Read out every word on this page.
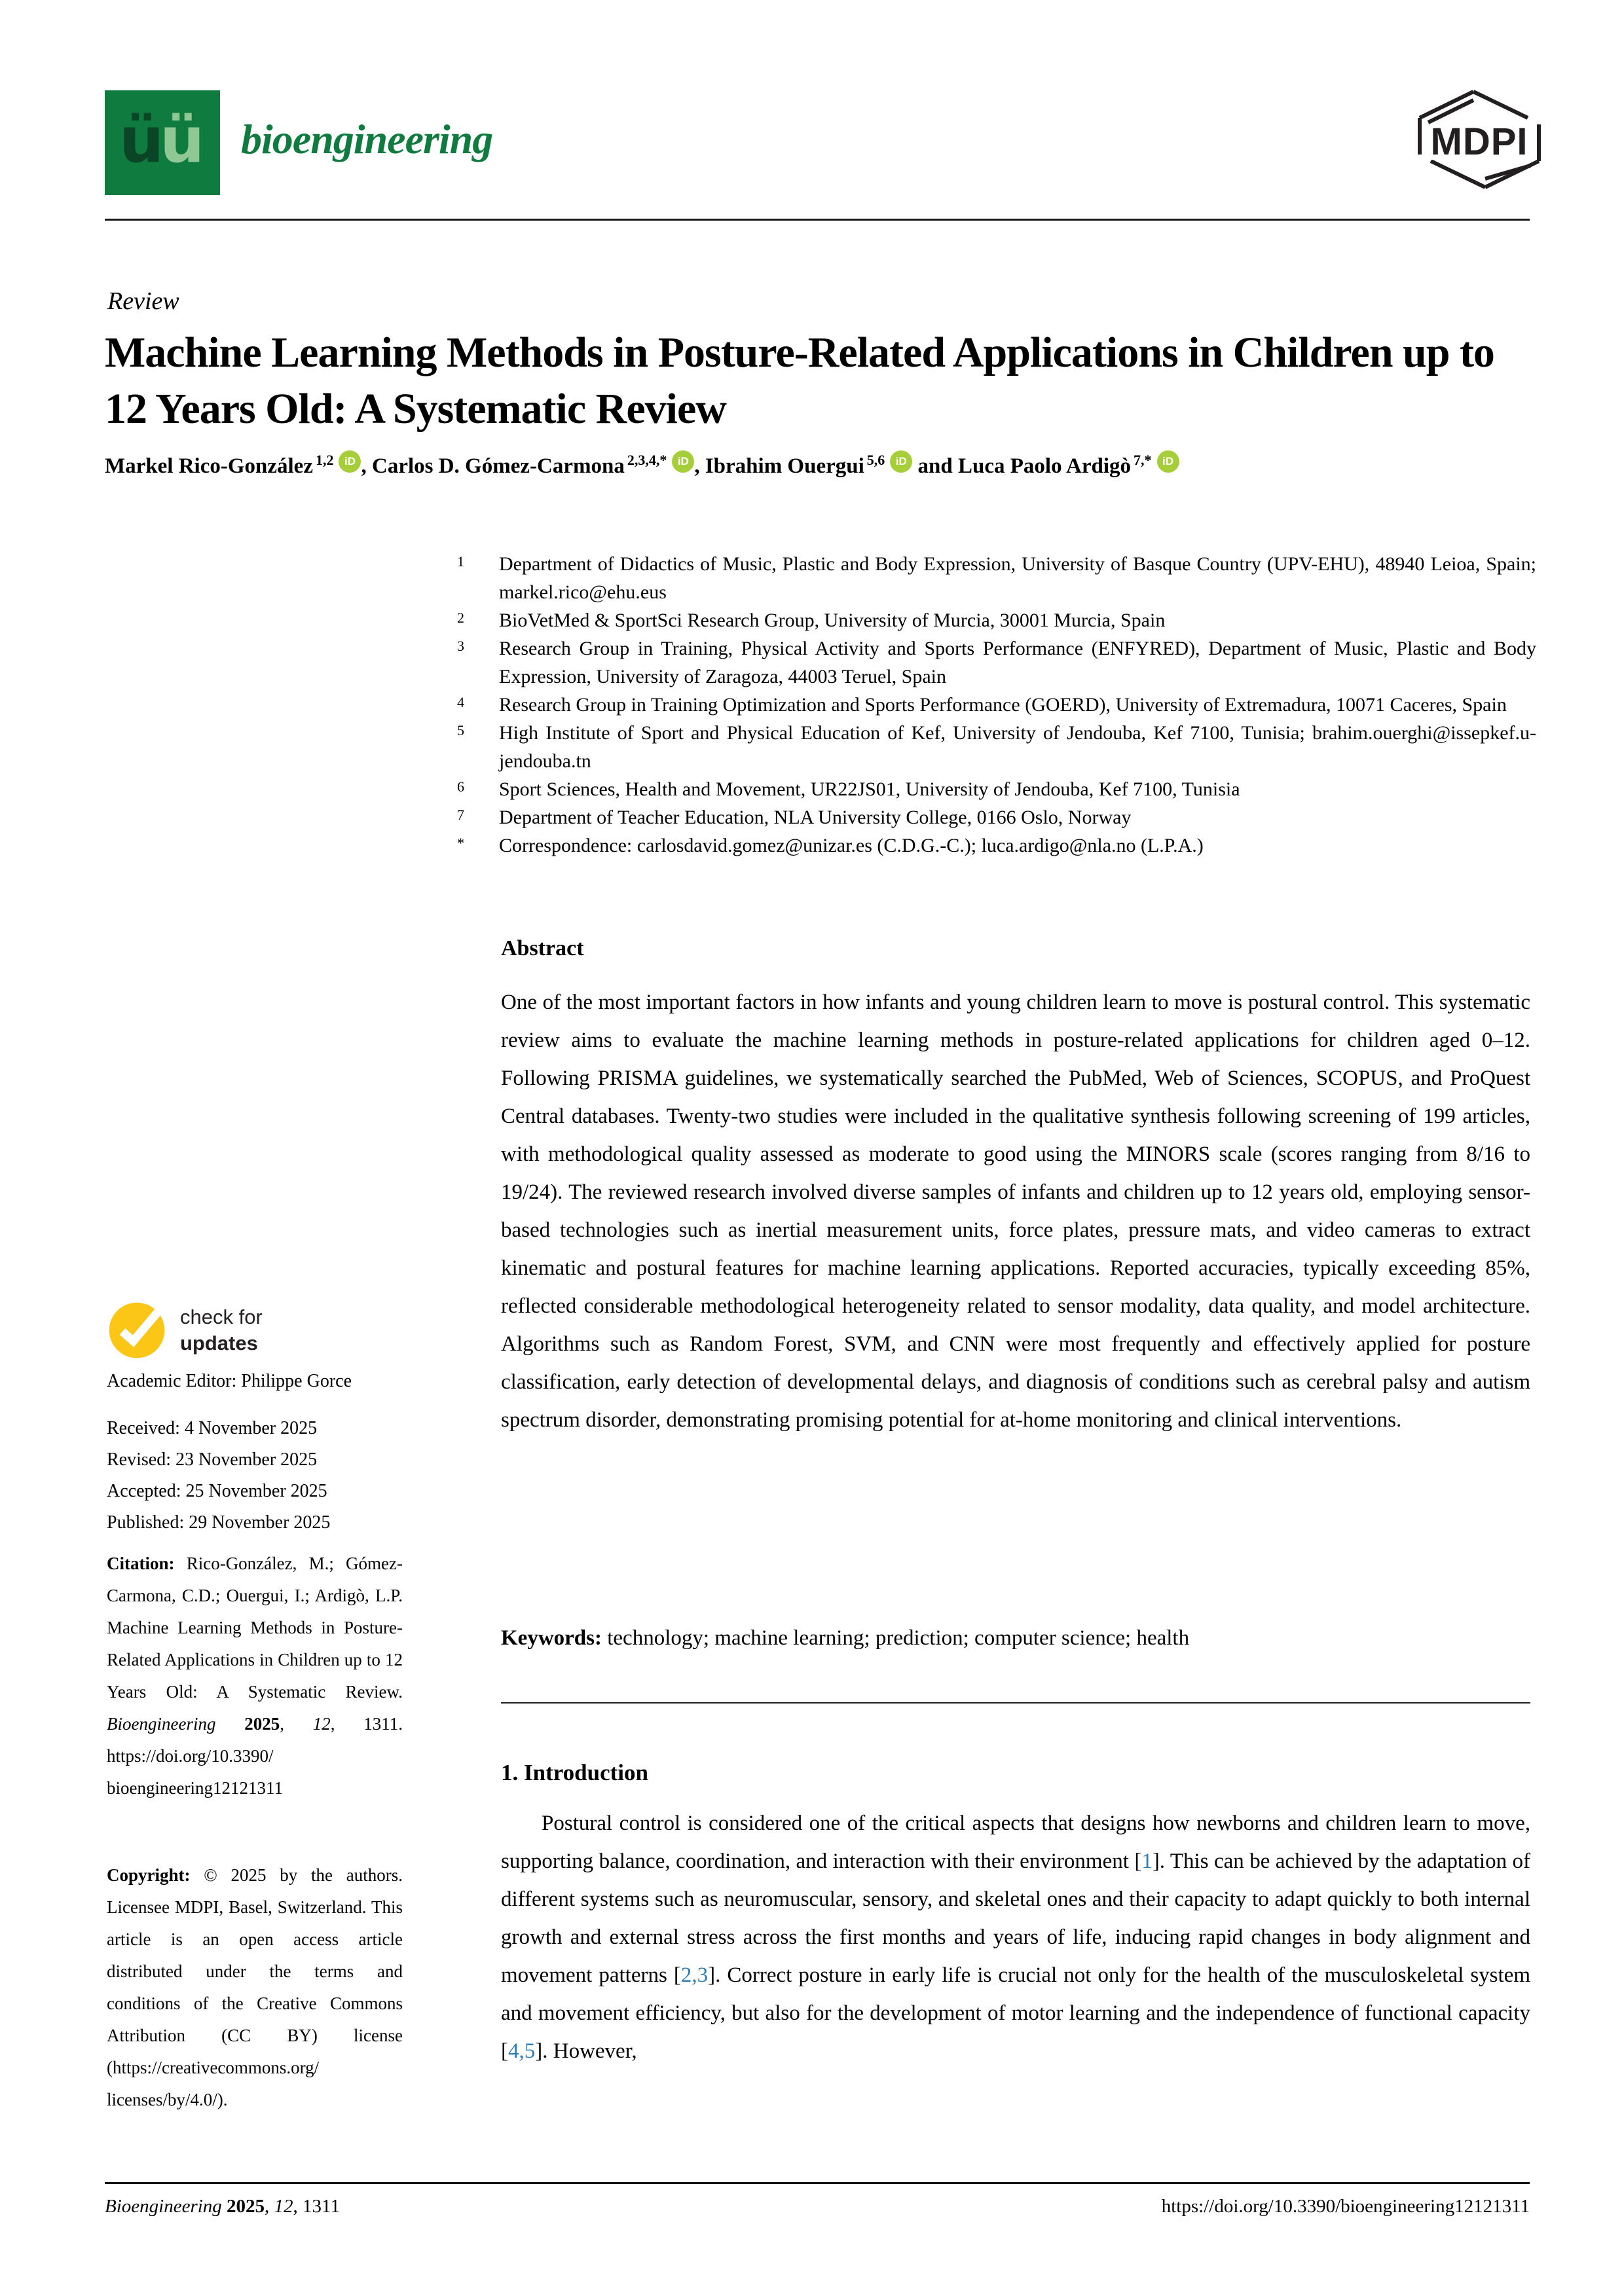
ü
ü bioengineering	MDPI
Review
Machine Learning Methods in Posture-Related Applications in Children up to 12 Years Old: A Systematic Review
Markel Rico-González $^{1,2}$ iD , Carlos D. Gómez-Carmona $^{2,3,4,*}$ iD , Ibrahim Ouergui $^{5,6}$ iD and Luca Paolo Ardigò $^{7,*}$ iD
1	Department of Didactics of Music, Plastic and Body Expression, University of Basque Country (UPV-EHU), 48940 Leioa, Spain; markel.rico@ehu.eus
2	BioVetMed & SportSci Research Group, University of Murcia, 30001 Murcia, Spain
3	Research Group in Training, Physical Activity and Sports Performance (ENFYRED), Department of Music, Plastic and Body Expression, University of Zaragoza, 44003 Teruel, Spain
4	Research Group in Training Optimization and Sports Performance (GOERD), University of Extremadura, 10071 Caceres, Spain
5	High Institute of Sport and Physical Education of Kef, University of Jendouba, Kef 7100, Tunisia; brahim.ouerghi@issepkef.u-jendouba.tn
6	Sport Sciences, Health and Movement, UR22JS01, University of Jendouba, Kef 7100, Tunisia
7	Department of Teacher Education, NLA University College, 0166 Oslo, Norway
*	Correspondence: carlosdavid.gomez@unizar.es (C.D.G.-C.); luca.ardigo@nla.no (L.P.A.)
Abstract
One of the most important factors in how infants and young children learn to move is postural control. This systematic review aims to evaluate the machine learning methods in posture-related applications for children aged 0–12. Following PRISMA guidelines, we systematically searched the PubMed, Web of Sciences, SCOPUS, and ProQuest Central databases. Twenty-two studies were included in the qualitative synthesis following screening of 199 articles, with methodological quality assessed as moderate to good using the MINORS scale (scores ranging from 8/16 to 19/24). The reviewed research involved diverse samples of infants and children up to 12 years old, employing sensor-based technologies such as inertial measurement units, force plates, pressure mats, and video cameras to extract kinematic and postural features for machine learning applications. Reported accuracies, typically exceeding 85%, reflected considerable methodological heterogeneity related to sensor modality, data quality, and model architecture. Algorithms such as Random Forest, SVM, and CNN were most frequently and effectively applied for posture classification, early detection of developmental delays, and diagnosis of conditions such as cerebral palsy and autism spectrum disorder, demonstrating promising potential for at-home monitoring and clinical interventions.
Keywords: technology; machine learning; prediction; computer science; health
1. Introduction
Postural control is considered one of the critical aspects that designs how newborns and children learn to move, supporting balance, coordination, and interaction with their environment [1]. This can be achieved by the adaptation of different systems such as neuromuscular, sensory, and skeletal ones and their capacity to adapt quickly to both internal growth and external stress across the first months and years of life, inducing rapid changes in body alignment and movement patterns [2,3]. Correct posture in early life is crucial not only for the health of the musculoskeletal system and movement efficiency, but also for the development of motor learning and the independence of functional capacity [4,5]. However,
check for
updates
Academic Editor: Philippe Gorce
Received: 4 November 2025
Revised: 23 November 2025
Accepted: 25 November 2025
Published: 29 November 2025

Citation: Rico-González, M.; Gómez-Carmona, C.D.; Ouergui, I.; Ardigò, L.P. Machine Learning Methods in Posture-Related Applications in Children up to 12 Years Old: A Systematic Review. Bioengineering 2025, 12, 1311. https://doi.org/10.3390/bioengineering12121311

Copyright: © 2025 by the authors. Licensee MDPI, Basel, Switzerland. This article is an open access article distributed under the terms and conditions of the Creative Commons Attribution (CC BY) license (https://creativecommons.org/licenses/by/4.0/).

Bioengineering 2025, 12, 1311	https://doi.org/10.3390/bioengineering12121311
